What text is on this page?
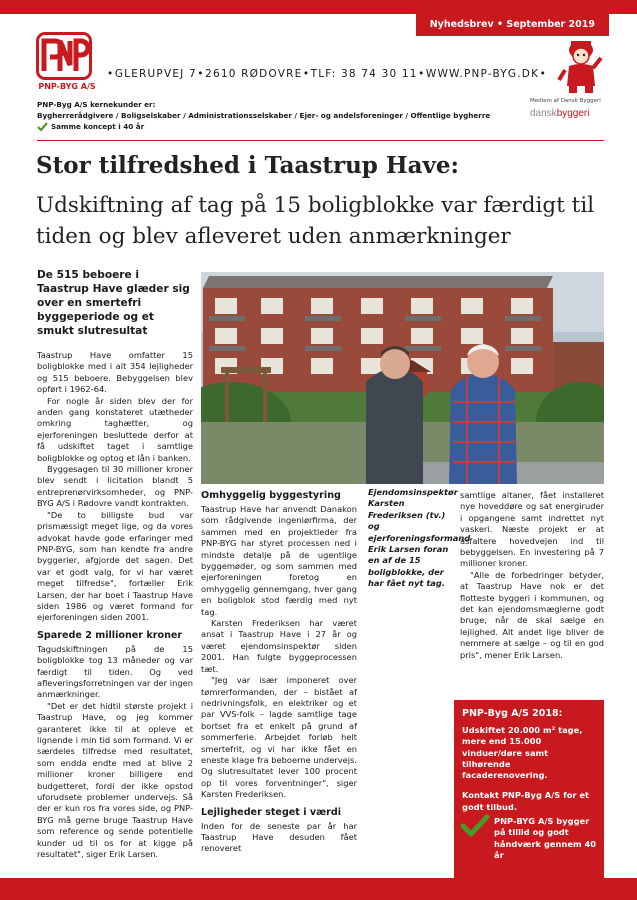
Nyhedsbrev • September 2019
PNP-BYG A/S
• GLERUPVEJ 7 • 2610 RØDOVRE • TLF: 38 74 30 11 • WWW.PNP-BYG.DK •
PNP-Byg A/S kernekunder er:
Bygherrerådgivere / Boligselskaber / Administrationsselskaber / Ejer- og andelsforeninger / Offentlige bygherre
Samme koncept i 40 år
Medlem af Dansk Byggeri
danskbyggeri
Stor tilfredshed i Taastrup Have:
Udskiftning af tag på 15 boligblokke var færdigt til tiden og blev afleveret uden anmærkninger
De 515 beboere i Taastrup Have glæder sig over en smertefri byggeperiode og et smukt slutresultat

Taastrup Have omfatter 15 boligblokke med i alt 354 lejligheder og 515 beboere. Bebyggelsen blev opført i 1962-64.

For nogle år siden blev der for anden gang konstateret utætheder omkring taghætter, og ejerforeningen besluttede derfor at få udskiftet taget i samtlige boligblokke og optog et lån i banken.

Byggesagen til 30 millioner kroner blev sendt i licitation blandt 5 entreprenørvirksomheder, og PNP-BYG A/S i Rødovre vandt kontrakten.

"De to billigste bud var prismæssigt meget lige, og da vores advokat havde gode erfaringer med PNP-BYG, som han kendte fra andre byggerier, afgjorde det sagen. Det var et godt valg, for vi har været meget tilfredse", fortæller Erik Larsen, der har boet i Taastrup Have siden 1986 og været formand for ejerforeningen siden 2001.

Sparede 2 millioner kroner

Tagudskiftningen på de 15 boligblokke tog 13 måneder og var færdigt til tiden. Og ved afleveringsforretningen var der ingen anmærkninger.

"Det er det hidtil største projekt i Taastrup Have, og jeg kommer garanteret ikke til at opleve et lignende i min tid som formand. Vi er særdeles tilfredse med resultatet, som endda endte med at blive 2 millioner kroner billigere end budgetteret, fordi der ikke opstod uforudsete problemer undervejs. Så der er kun ros fra vores side, og PNP-BYG må gerne bruge Taastrup Have som reference og sende potentielle kunder ud til os for at kigge på resultatet", siger Erik Larsen.

Omhyggelig byggestyring

Taastrup Have har anvendt Danakon som rådgivende ingeniørfirma, der sammen med en projektleder fra PNP-BYG har styret processen ned i mindste detalje på de ugentlige byggemøder, og som sammen med ejerforeningen foretog en omhyggelig gennemgang, hver gang en boligblok stod færdig med nyt tag.

Karsten Frederiksen har været ansat i Taastrup Have i 27 år og været ejendomsinspektør siden 2001. Han fulgte byggeprocessen tæt.

"Jeg var især imponeret over tømrerformanden, der – bistået af nedrivningsfolk, en elektriker og et par VVS-folk – lagde samtlige tage bortset fra et enkelt på grund af sommerferie. Arbejdet forløb helt smertefrit, og vi har ikke fået en eneste klage fra beboerne undervejs. Og slutresultatet lever 100 procent op til vores forventninger", siger Karsten Frederiksen.

Lejligheder steget i værdi

Inden for de seneste par år har Taastrup Have desuden fået renoveret

Ejendomsinspektør Karsten Frederiksen (tv.) og ejerforeningsformand Erik Larsen foran en af de 15 boligblokke, der har fået nyt tag.

samtlige altaner, fået installeret nye hoveddøre og sat energiruder i opgangene samt indrettet nyt vaskeri. Næste projekt er at asfaltere hovedvejen ind til bebyggelsen. En investering på 7 millioner kroner.

"Alle de forbedringer betyder, at Taastrup Have nok er det flotteste byggeri i kommunen, og det kan ejendomsmæglerne godt bruge, når de skal sælge en lejlighed. Alt andet lige bliver de nemmere at sælge – og til en god pris", mener Erik Larsen.

PNP-Byg A/S 2018:
Udskiftet 20.000 m² tage, mere end 15.000 vinduer/døre samt tilhørende facaderenovering.
Kontakt PNP-Byg A/S for et godt tilbud.
PNP-BYG A/S bygger på tillid og godt håndværk gennem 40 år
